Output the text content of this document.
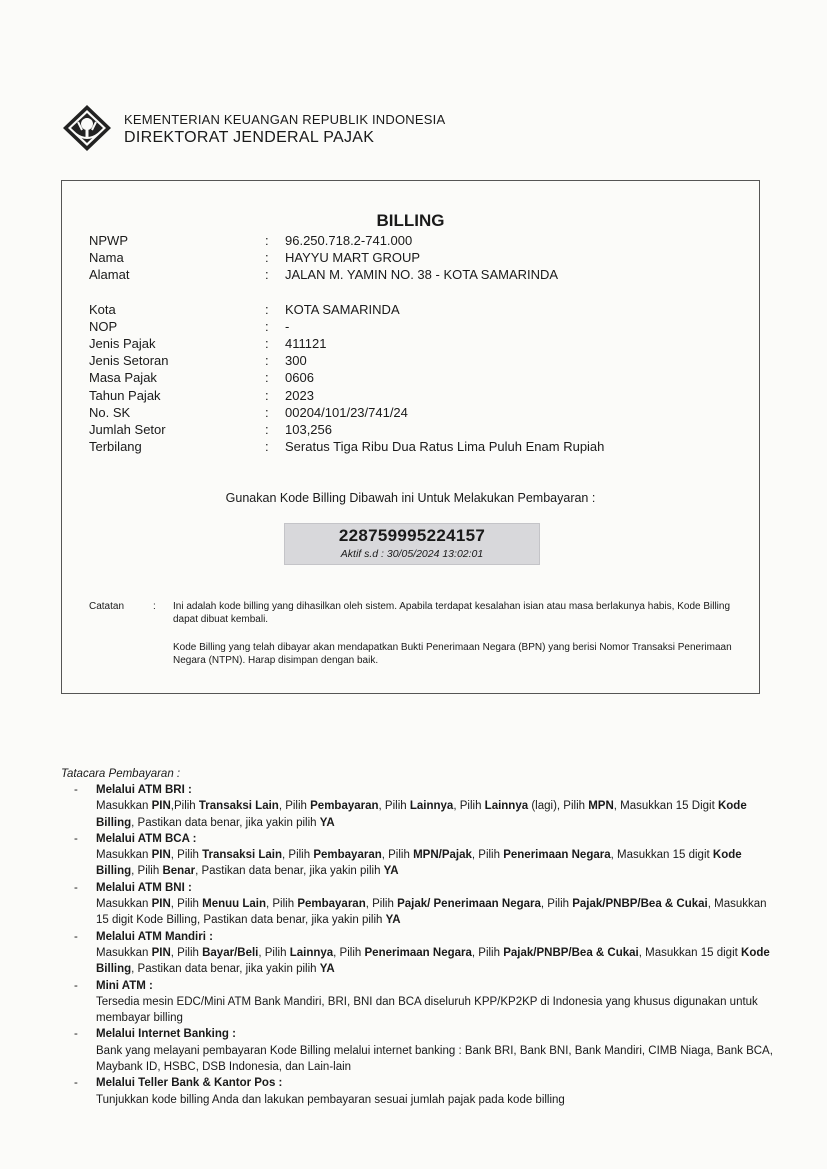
KEMENTERIAN KEUANGAN REPUBLIK INDONESIA
DIREKTORAT JENDERAL PAJAK
BILLING
NPWP	: 96.250.718.2-741.000
Nama	: HAYYU MART GROUP
Alamat	: JALAN M. YAMIN NO. 38 - KOTA SAMARINDA
Kota	: KOTA SAMARINDA
NOP	: -
Jenis Pajak	: 411121
Jenis Setoran	: 300
Masa Pajak	: 0606
Tahun Pajak	: 2023
No. SK	: 00204/101/23/741/24
Jumlah Setor	: 103,256
Terbilang	: Seratus Tiga Ribu Dua Ratus Lima Puluh Enam Rupiah
Gunakan Kode Billing Dibawah ini Untuk Melakukan Pembayaran :
228759995224157
Aktif s.d : 30/05/2024 13:02:01
Catatan	: Ini adalah kode billing yang dihasilkan oleh sistem. Apabila terdapat kesalahan isian atau masa berlakunya habis, Kode Billing dapat dibuat kembali.
Kode Billing yang telah dibayar akan mendapatkan Bukti Penerimaan Negara (BPN) yang berisi Nomor Transaksi Penerimaan Negara (NTPN). Harap disimpan dengan baik.
Tatacara Pembayaran :
- Melalui ATM BRI :
Masukkan PIN,Pilih Transaksi Lain, Pilih Pembayaran, Pilih Lainnya, Pilih Lainnya (lagi), Pilih MPN, Masukkan 15 Digit Kode Billing, Pastikan data benar, jika yakin pilih YA
- Melalui ATM BCA :
Masukkan PIN, Pilih Transaksi Lain, Pilih Pembayaran, Pilih MPN/Pajak, Pilih Penerimaan Negara, Masukkan 15 digit Kode Billing, Pilih Benar, Pastikan data benar, jika yakin pilih YA
- Melalui ATM BNI :
Masukkan PIN, Pilih Menuu Lain, Pilih Pembayaran, Pilih Pajak/ Penerimaan Negara, Pilih Pajak/PNBP/Bea & Cukai, Masukkan 15 digit Kode Billing, Pastikan data benar, jika yakin pilih YA
- Melalui ATM Mandiri :
Masukkan PIN, Pilih Bayar/Beli, Pilih Lainnya, Pilih Penerimaan Negara, Pilih Pajak/PNBP/Bea & Cukai, Masukkan 15 digit Kode Billing, Pastikan data benar, jika yakin pilih YA
- Mini ATM :
Tersedia mesin EDC/Mini ATM Bank Mandiri, BRI, BNI dan BCA diseluruh KPP/KP2KP di Indonesia yang khusus digunakan untuk membayar billing
- Melalui Internet Banking :
Bank yang melayani pembayaran Kode Billing melalui internet banking : Bank BRI, Bank BNI, Bank Mandiri, CIMB Niaga, Bank BCA, Maybank ID, HSBC, DSB Indonesia, dan Lain-lain
- Melalui Teller Bank & Kantor Pos :
Tunjukkan kode billing Anda dan lakukan pembayaran sesuai jumlah pajak pada kode billing
